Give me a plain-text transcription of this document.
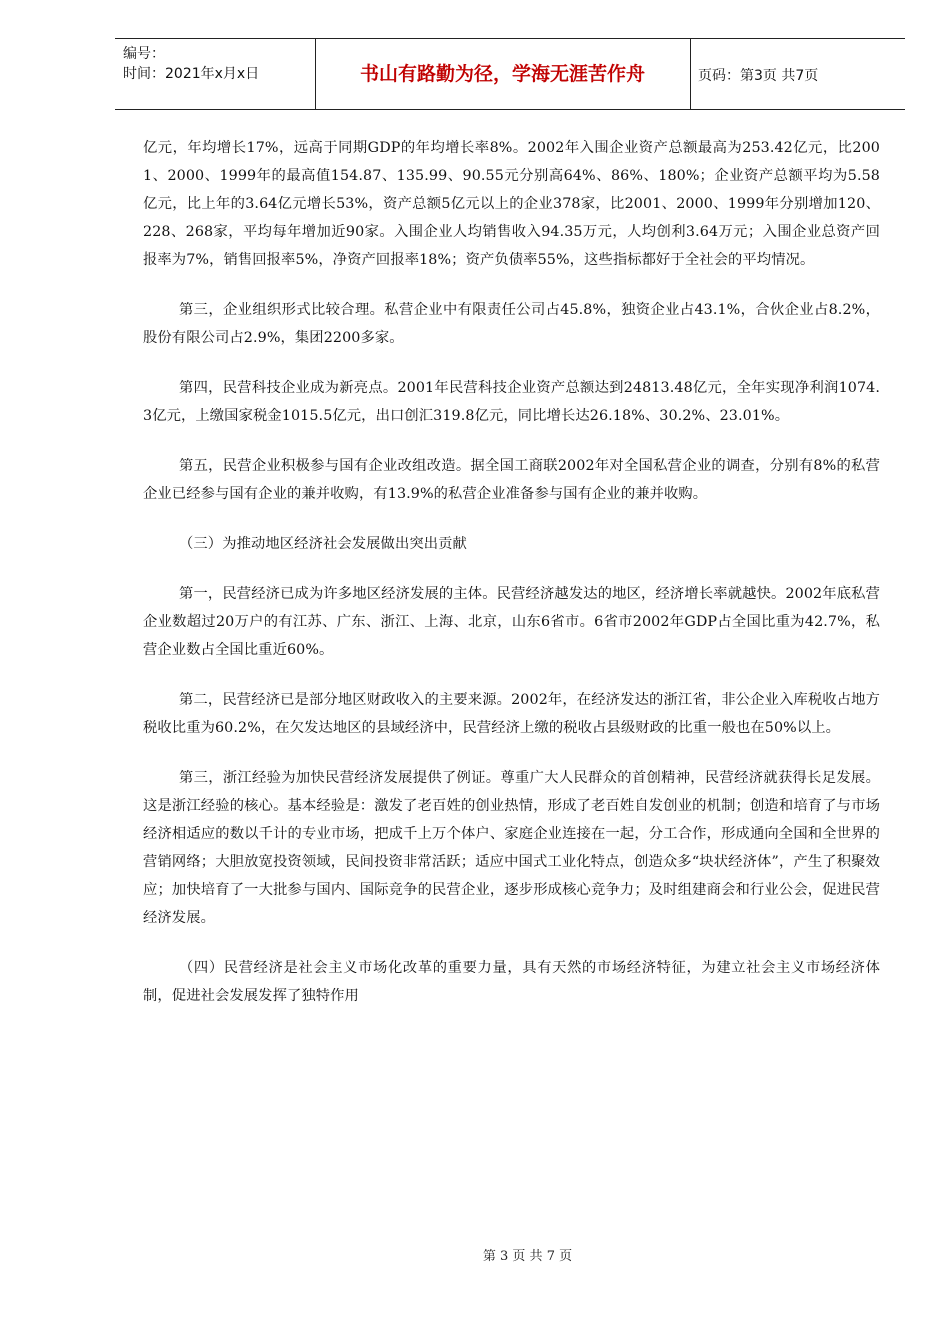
编号：
时间：2021年x月x日	书山有路勤为径，学海无涯苦作舟	页码：第3页 共7页

亿元，年均增长17%，远高于同期GDP的年均增长率8%。2002年入围企业资产总额最高为253.42亿元，比2001、2000、1999年的最高值154.87、135.99、90.55元分别高64%、86%、180%；企业资产总额平均为5.58亿元，比上年的3.64亿元增长53%，资产总额5亿元以上的企业378家，比2001、2000、1999年分别增加120、228、268家，平均每年增加近90家。入围企业人均销售收入94.35万元，人均创利3.64万元；入围企业总资产回报率为7%，销售回报率5%，净资产回报率18%；资产负债率55%，这些指标都好于全社会的平均情况。

第三，企业组织形式比较合理。私营企业中有限责任公司占45.8%，独资企业占43.1%，合伙企业占8.2%，股份有限公司占2.9%，集团2200多家。

第四，民营科技企业成为新亮点。2001年民营科技企业资产总额达到24813.48亿元，全年实现净利润1074.3亿元，上缴国家税金1015.5亿元，出口创汇319.8亿元，同比增长达26.18%、30.2%、23.01%。

第五，民营企业积极参与国有企业改组改造。据全国工商联2002年对全国私营企业的调查，分别有8%的私营企业已经参与国有企业的兼并收购，有13.9%的私营企业准备参与国有企业的兼并收购。

（三）为推动地区经济社会发展做出突出贡献

第一，民营经济已成为许多地区经济发展的主体。民营经济越发达的地区，经济增长率就越快。2002年底私营企业数超过20万户的有江苏、广东、浙江、上海、北京，山东6省市。6省市2002年GDP占全国比重为42.7%，私营企业数占全国比重近60%。

第二，民营经济已是部分地区财政收入的主要来源。2002年，在经济发达的浙江省，非公企业入库税收占地方税收比重为60.2%，在欠发达地区的县域经济中，民营经济上缴的税收占县级财政的比重一般也在50%以上。

第三，浙江经验为加快民营经济发展提供了例证。尊重广大人民群众的首创精神，民营经济就获得长足发展。这是浙江经验的核心。基本经验是：激发了老百姓的创业热情，形成了老百姓自发创业的机制；创造和培育了与市场经济相适应的数以千计的专业市场，把成千上万个体户、家庭企业连接在一起，分工合作，形成通向全国和全世界的营销网络；大胆放宽投资领域，民间投资非常活跃；适应中国式工业化特点，创造众多“块状经济体”，产生了积聚效应；加快培育了一大批参与国内、国际竞争的民营企业，逐步形成核心竞争力；及时组建商会和行业公会，促进民营经济发展。

（四）民营经济是社会主义市场化改革的重要力量，具有天然的市场经济特征，为建立社会主义市场经济体制，促进社会发展发挥了独特作用

第 3 页 共 7 页
